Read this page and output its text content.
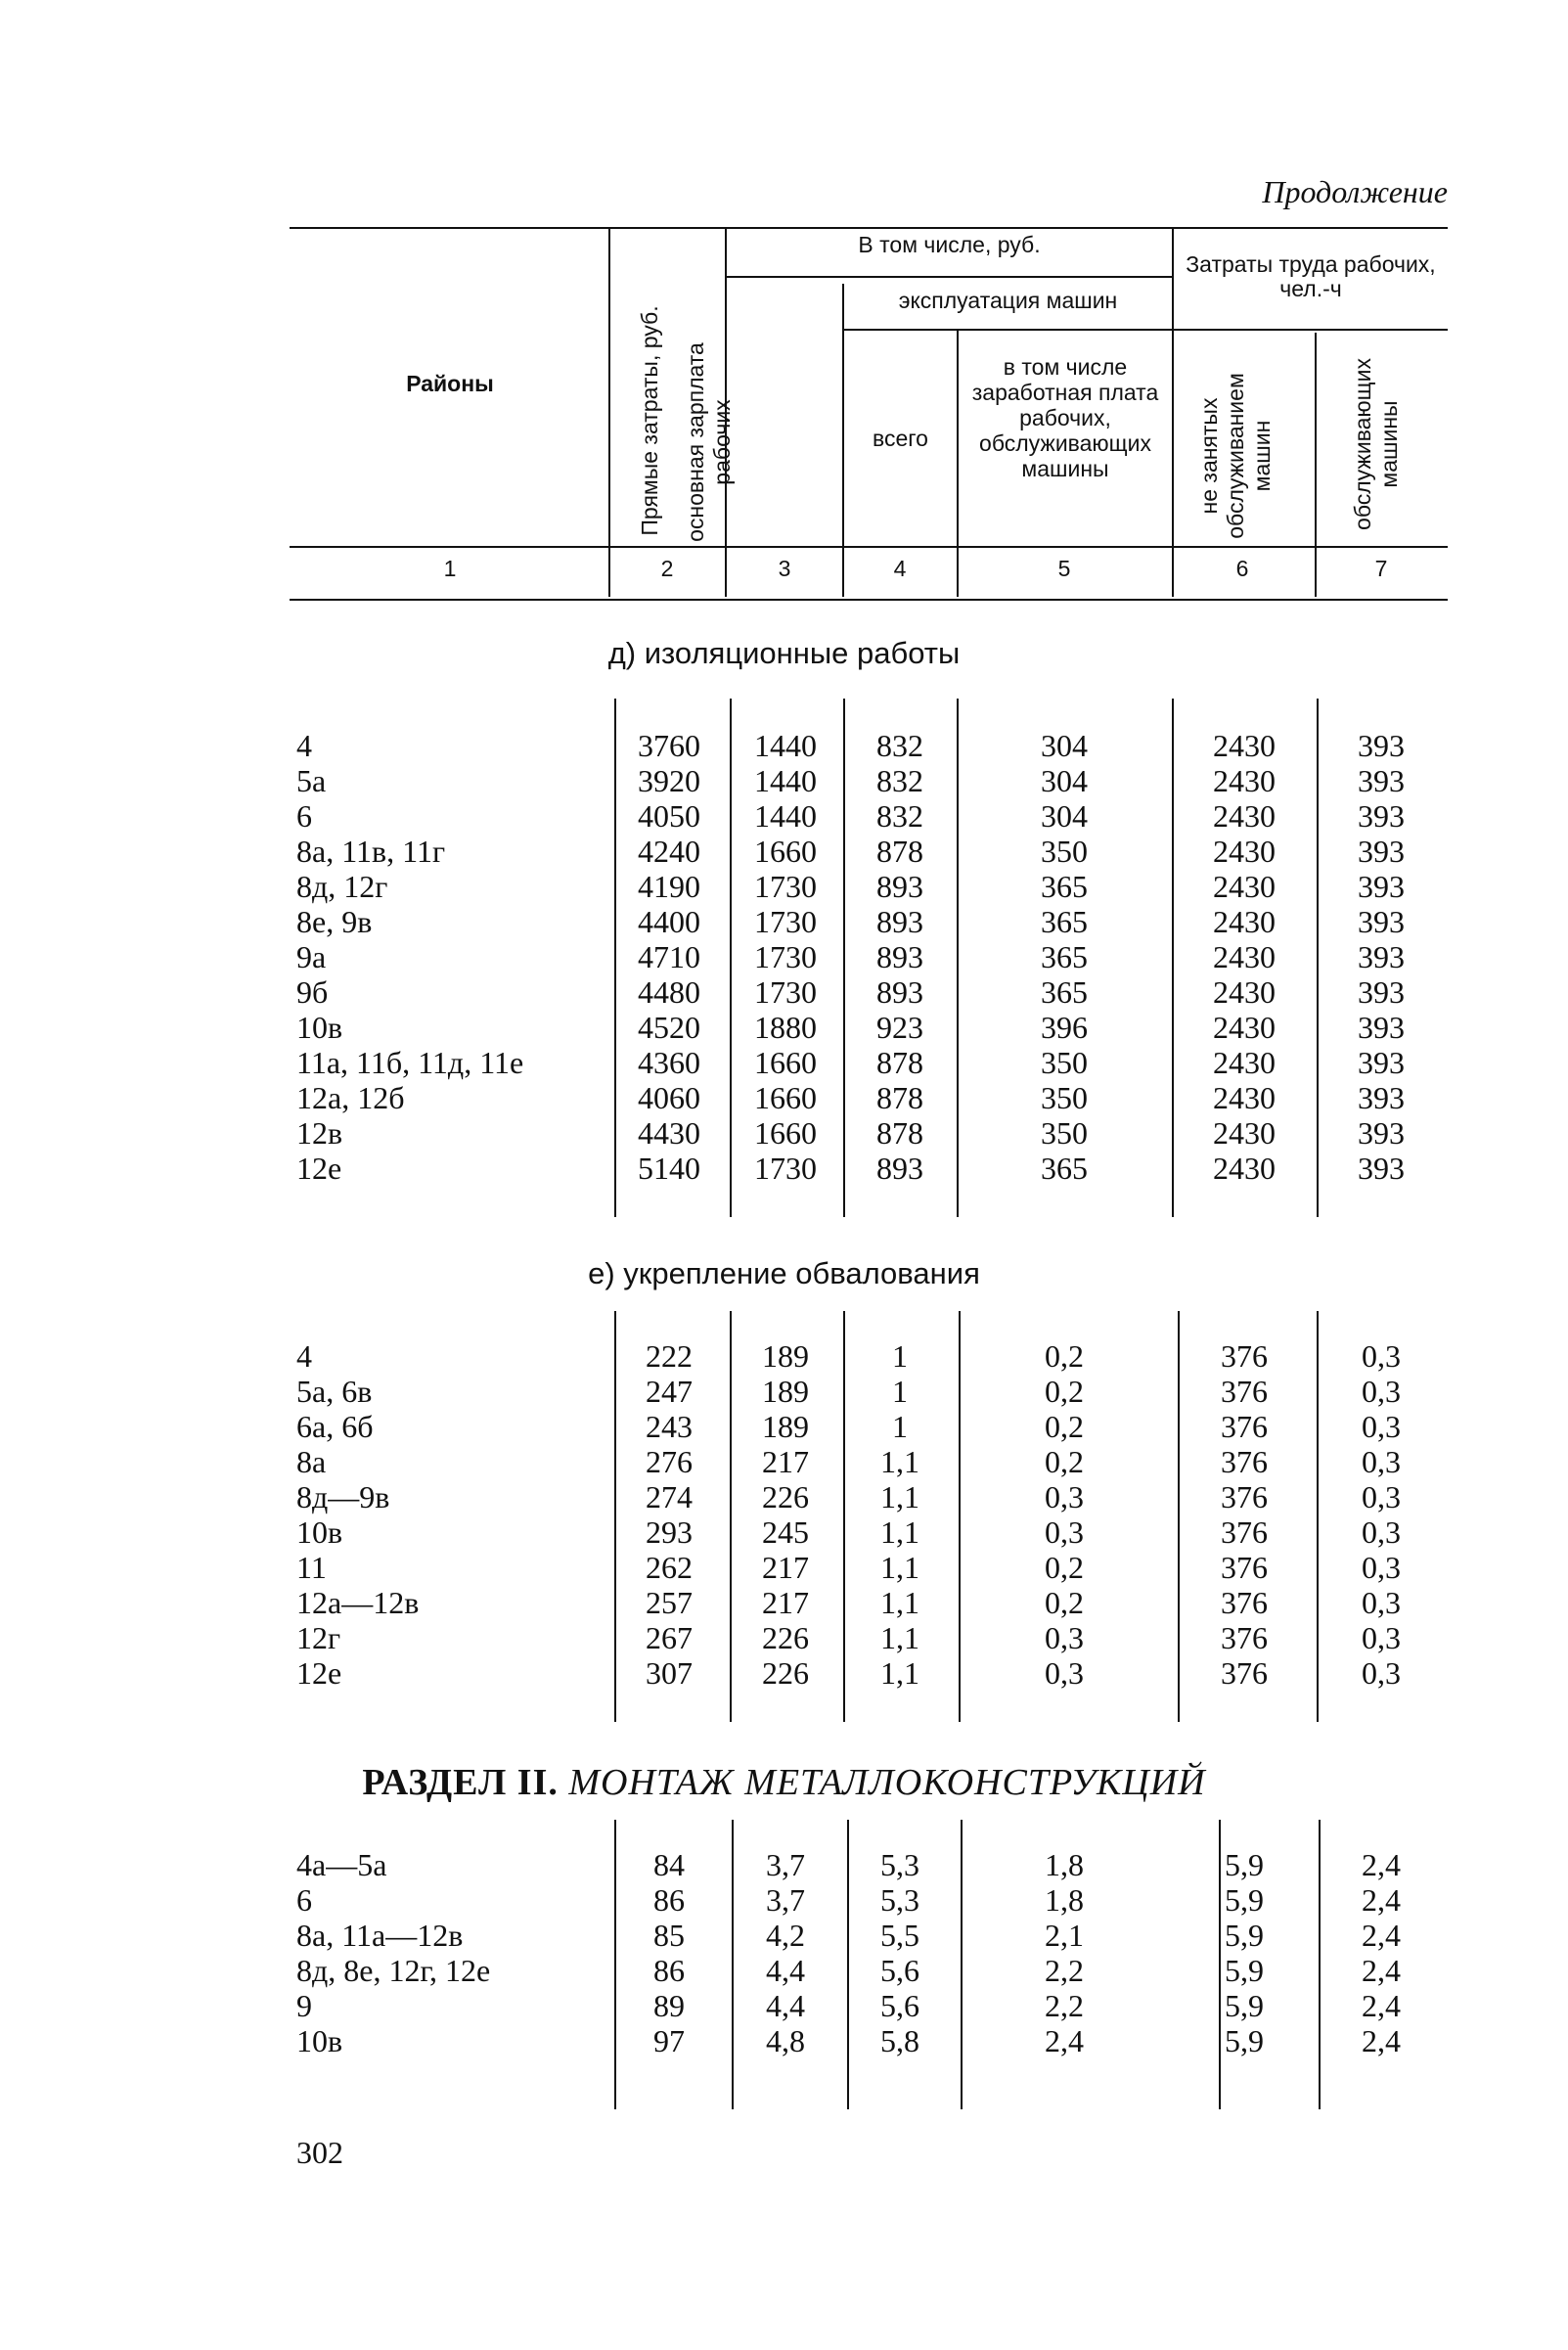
Продолжение
Районы	Прямые затраты, руб.
В том числе, руб.
эксплуатация машин
основная зарплата рабочих	всего
в том числе заработная плата рабочих, обслуживающих машины
Затраты труда рабочих, чел.-ч
не занятых обслуживанием машин	обслуживающих машины
1	2	3	4	5	6	7
д) изоляционные работы
4	3760	1440	832	304	2430	393
5а	3920	1440	832	304	2430	393
6	4050	1440	832	304	2430	393
8а, 11в, 11г	4240	1660	878	350	2430	393
8д, 12г	4190	1730	893	365	2430	393
8е, 9в	4400	1730	893	365	2430	393
9а	4710	1730	893	365	2430	393
9б	4480	1730	893	365	2430	393
10в	4520	1880	923	396	2430	393
11а, 11б, 11д, 11е	4360	1660	878	350	2430	393
12а, 12б	4060	1660	878	350	2430	393
12в	4430	1660	878	350	2430	393
12е	5140	1730	893	365	2430	393
е) укрепление обвалования
4	222	189	1	0,2	376	0,3
5а, 6в	247	189	1	0,2	376	0,3
6а, 6б	243	189	1	0,2	376	0,3
8а	276	217	1,1	0,2	376	0,3
8д—9в	274	226	1,1	0,3	376	0,3
10в	293	245	1,1	0,3	376	0,3
11	262	217	1,1	0,2	376	0,3
12а—12в	257	217	1,1	0,2	376	0,3
12г	267	226	1,1	0,3	376	0,3
12е	307	226	1,1	0,3	376	0,3
РАЗДЕЛ II. МОНТАЖ МЕТАЛЛОКОНСТРУКЦИЙ
4а—5а	84	3,7	5,3	1,8	5,9	2,4
6	86	3,7	5,3	1,8	5,9	2,4
8а, 11а—12в	85	4,2	5,5	2,1	5,9	2,4
8д, 8е, 12г, 12е	86	4,4	5,6	2,2	5,9	2,4
9	89	4,4	5,6	2,2	5,9	2,4
10в	97	4,8	5,8	2,4	5,9	2,4
302
